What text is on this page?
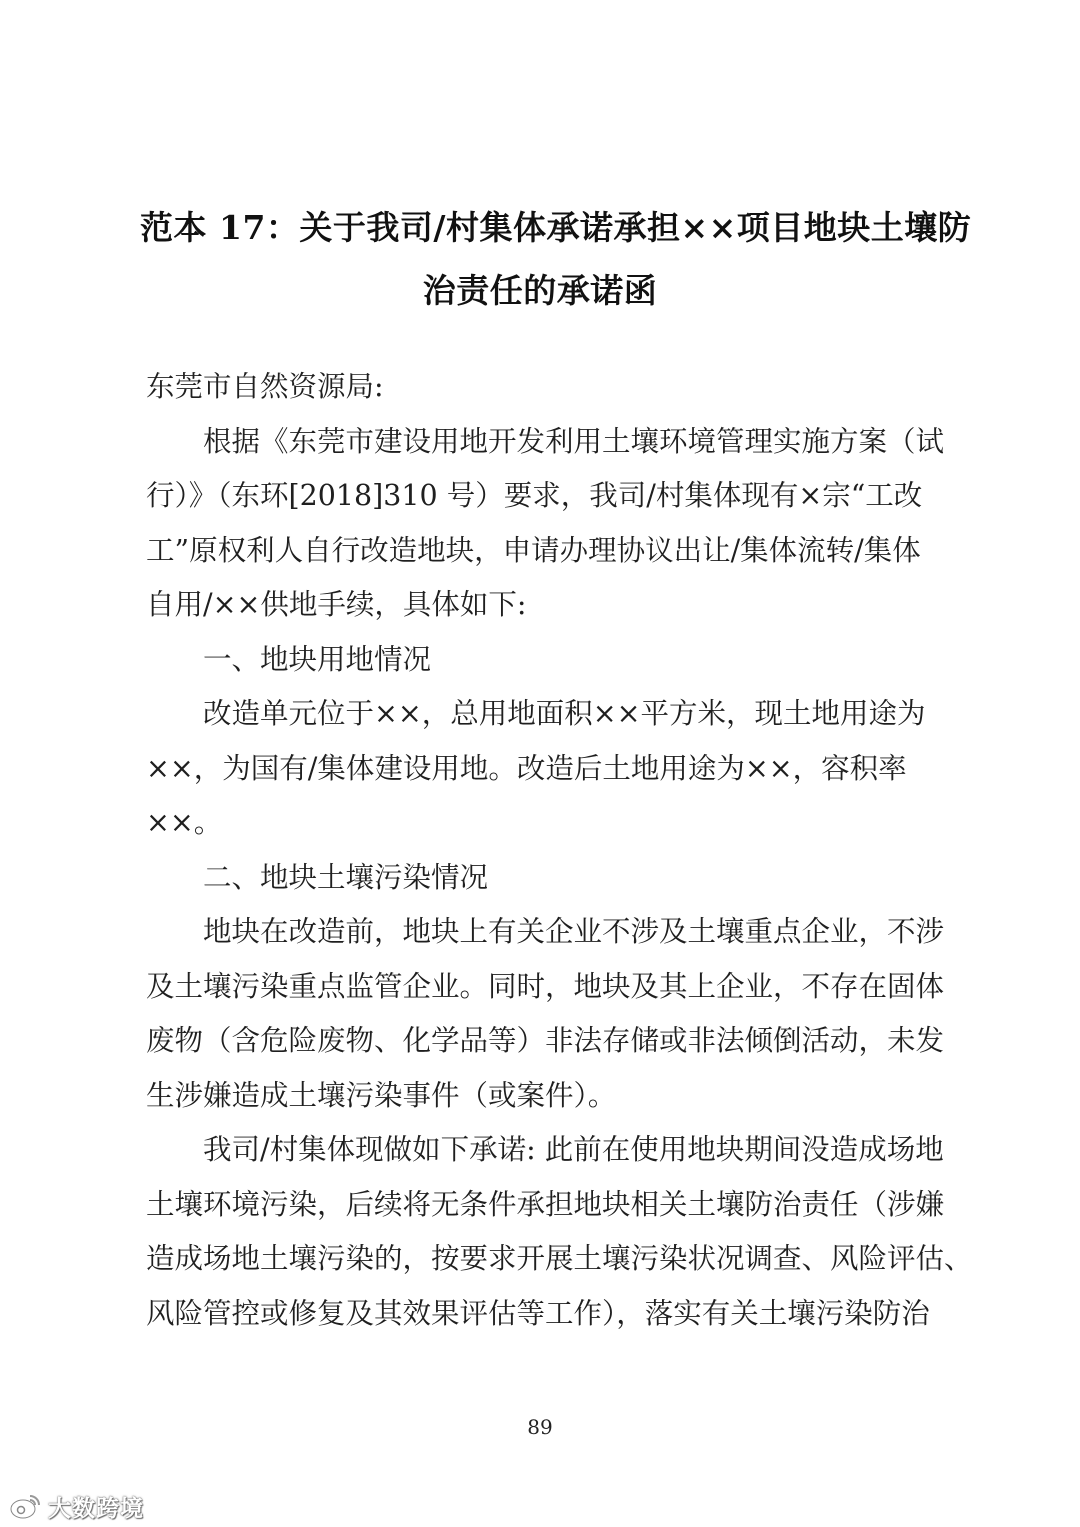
范本 17：关于我司/村集体承诺承担××项目地块土壤防
治责任的承诺函
东莞市自然资源局:
　　根据《东莞市建设用地开发利用土壤环境管理实施方案（试
行）》（东环[2018]310 号）要求，我司/村集体现有×宗“工改
工”原权利人自行改造地块，申请办理协议出让/集体流转/集体
自用/××供地手续，具体如下:
　　一、地块用地情况
　　改造单元位于××，总用地面积××平方米，现土地用途为
××，为国有/集体建设用地。改造后土地用途为××，容积率
××。
　　二、地块土壤污染情况
　　地块在改造前，地块上有关企业不涉及土壤重点企业，不涉
及土壤污染重点监管企业。同时，地块及其上企业，不存在固体
废物（含危险废物、化学品等）非法存储或非法倾倒活动，未发
生涉嫌造成土壤污染事件（或案件）。
　　我司/村集体现做如下承诺: 此前在使用地块期间没造成场地
土壤环境污染，后续将无条件承担地块相关土壤防治责任（涉嫌
造成场地土壤污染的，按要求开展土壤污染状况调查、风险评估、
风险管控或修复及其效果评估等工作），落实有关土壤污染防治
89
大数跨境
